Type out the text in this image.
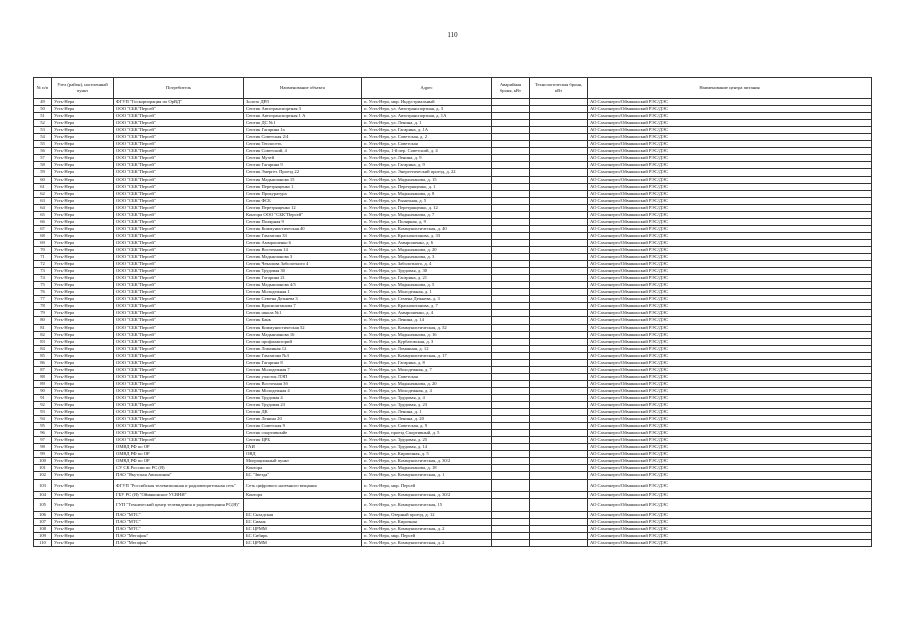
110
№ п/п	Узел (район), населенный пункт	Потребитель	Наименование объекта	Адрес	Аварийная броня, кВт	Технологическая броня, кВт	Наименование центра питания
49	Усть-Нера	ФГУП "Госкорпорация по ОрВД"	Золото ДРЛ	п. Усть-Нера, мкр. Индустриальный			АО Сахаэнерго/Оймяконский РЭС/ДЭС
50	Усть-Нера	ООО "СБК"Персей"	Септик Автотранспортная 3	п. Усть-Нера, ул. Автотранспортная, д. 3			АО Сахаэнерго/Оймяконский РЭС/ДЭС
51	Усть-Нера	ООО "СБК"Персей"	Септик Автотранспортная 1 А	п. Усть-Нера, ул. Автотранспортная, д. 1А			АО Сахаэнерго/Оймяконский РЭС/ДЭС
52	Усть-Нера	ООО "СБК"Персей"	Септик ДС №1	п. Усть-Нера, ул. Ленина, д. 1			АО Сахаэнерго/Оймяконский РЭС/ДЭС
53	Усть-Нера	ООО "СБК"Персей"	Септик Гагарина 1а	п. Усть-Нера, ул. Гагарина, д. 1А			АО Сахаэнерго/Оймяконский РЭС/ДЭС
54	Усть-Нера	ООО "СБК"Персей"	Септик Советская 2/4	п. Усть-Нера, ул. Советская, д. 2			АО Сахаэнерго/Оймяконский РЭС/ДЭС
55	Усть-Нера	ООО "СБК"Персей"	Септик Теплосеть	п. Усть-Нера, ул. Советская			АО Сахаэнерго/Оймяконский РЭС/ДЭС
56	Усть-Нера	ООО "СБК"Персей"	Септик Советский, 4	п. Усть-Нера, 1-й пер. Советский, д. 4			АО Сахаэнерго/Оймяконский РЭС/ДЭС
57	Усть-Нера	ООО "СБК"Персей"	Септик Музей	п. Усть-Нера, ул. Ленина, д. 9			АО Сахаэнерго/Оймяконский РЭС/ДЭС
58	Усть-Нера	ООО "СБК"Персей"	Септик Гагарина 9	п. Усть-Нера, ул. Гагарина, д. 9			АО Сахаэнерго/Оймяконский РЭС/ДЭС
59	Усть-Нера	ООО "СБК"Персей"	Септик Энергет. Проезд 22	п. Усть-Нера, ул. Энергетический проезд, д. 22			АО Сахаэнерго/Оймяконский РЭС/ДЭС
60	Усть-Нера	ООО "СБК"Персей"	Септик Мадынчанова 15	п. Усть-Нера, ул. Мадынчанова, д. 15			АО Сахаэнерго/Оймяконский РЭС/ДЭС
61	Усть-Нера	ООО "СБК"Персей"	Септик Перетрященко 1	п. Усть-Нера, ул. Перетрященко, д. 1			АО Сахаэнерго/Оймяконский РЭС/ДЭС
62	Усть-Нера	ООО "СБК"Персей"	Септик Прокуратура	п. Усть-Нера, ул. Мадынчанова, д. 8			АО Сахаэнерго/Оймяконский РЭС/ДЭС
63	Усть-Нера	ООО "СБК"Персей"	Септик ФСБ	п. Усть-Нера, ул. Рыночная, д. 5			АО Сахаэнерго/Оймяконский РЭС/ДЭС
64	Усть-Нера	ООО "СБК"Персей"	Септик Перетрященко 12	п. Усть-Нера, ул. Перетрященко, д. 12			АО Сахаэнерго/Оймяконский РЭС/ДЭС
65	Усть-Нера	ООО "СБК"Персей"	Контора ООО "СБК"Персей"	п. Усть-Нера, ул. Мадынчанова, д. 7			АО Сахаэнерго/Оймяконский РЭС/ДЭС
66	Усть-Нера	ООО "СБК"Персей"	Септик Полярная 9	п. Усть-Нера, ул. Полярная, д. 9			АО Сахаэнерго/Оймяконский РЭС/ДЭС
67	Усть-Нера	ООО "СБК"Персей"	Септик Коммунистическая 40	п. Усть-Нера, ул. Коммунистическая, д. 40			АО Сахаэнерго/Оймяконский РЭС/ДЭС
68	Усть-Нера	ООО "СБК"Персей"	Септик Гамзатова 33	п. Усть-Нера, ул. Красноштанова, д. 33			АО Сахаэнерго/Оймяконский РЭС/ДЭС
69	Усть-Нера	ООО "СБК"Персей"	Септик Аммрошенко 6	п. Усть-Нера, ул. Аммрошенко, д. 6			АО Сахаэнерго/Оймяконский РЭС/ДЭС
70	Усть-Нера	ООО "СБК"Персей"	Септик Восточная 14	п. Усть-Нера, ул. Мадынчанова, д. 20			АО Сахаэнерго/Оймяконский РЭС/ДЭС
71	Усть-Нера	ООО "СБК"Персей"	Септик Мадынчанова 3	п. Усть-Нера, ул. Мадынчанова, д. 3			АО Сахаэнерго/Оймяконский РЭС/ДЭС
72	Усть-Нера	ООО "СБК"Персей"	Септик Чекалова Заболотного 4	п. Усть-Нера, ул. Заболотного, д. 4			АО Сахаэнерго/Оймяконский РЭС/ДЭС
73	Усть-Нера	ООО "СБК"Персей"	Септик Трудовая 30	п. Усть-Нера, ул. Трудовая, д. 30			АО Сахаэнерго/Оймяконский РЭС/ДЭС
74	Усть-Нера	ООО "СБК"Персей"	Септик Гагарина 21	п. Усть-Нера, ул. Гагарина, д. 21			АО Сахаэнерго/Оймяконский РЭС/ДЭС
75	Усть-Нера	ООО "СБК"Персей"	Септик Мадынчанова 4/5	п. Усть-Нера, ул. Мадынчанова, д. 5			АО Сахаэнерго/Оймяконский РЭС/ДЭС
76	Усть-Нера	ООО "СБК"Персей"	Септик Молодежная 1	п. Усть-Нера, ул. Молодежная, д. 1			АО Сахаэнерго/Оймяконский РЭС/ДЭС
77	Усть-Нера	ООО "СБК"Персей"	Септик Семена Дежнева 3	п. Усть-Нера, ул. Семена Дежнева, д. 3			АО Сахаэнерго/Оймяконский РЭС/ДЭС
78	Усть-Нера	ООО "СБК"Персей"	Септик Красноштанова 7	п. Усть-Нера, ул. Красноштанова, д. 7			АО Сахаэнерго/Оймяконский РЭС/ДЭС
79	Усть-Нера	ООО "СБК"Персей"	Септик школа №1	п. Усть-Нера, ул. Аммрошенко, д. 4			АО Сахаэнерго/Оймяконский РЭС/ДЭС
80	Усть-Нера	ООО "СБК"Персей"	Септик Банк	п. Усть-Нера, ул. Ленина, д. 14			АО Сахаэнерго/Оймяконский РЭС/ДЭС
81	Усть-Нера	ООО "СБК"Персей"	Септик Коммунистическая 52	п. Усть-Нера, ул. Коммунистическая, д. 52			АО Сахаэнерго/Оймяконский РЭС/ДЭС
82	Усть-Нера	ООО "СБК"Персей"	Септик Мадынчанова 16	п. Усть-Нера, ул. Мадынчанова, д. 16			АО Сахаэнерго/Оймяконский РЭС/ДЭС
83	Усть-Нера	ООО "СБК"Персей"	Септик профилакторий	п. Усть-Нера, ул. Курбатовская, д. 3			АО Сахаэнерго/Оймяконский РЭС/ДЭС
84	Усть-Нера	ООО "СБК"Персей"	Септик Ломанная 12	п. Усть-Нера, ул. Ломанная, д. 12			АО Сахаэнерго/Оймяконский РЭС/ДЭС
85	Усть-Нера	ООО "СБК"Персей"	Септик Гамзатова №3	п. Усть-Нера, ул. Коммунистическая, д. 17			АО Сахаэнерго/Оймяконский РЭС/ДЭС
86	Усть-Нера	ООО "СБК"Персей"	Септик Гагарина 8	п. Усть-Нера, ул. Гагарина, д. 8			АО Сахаэнерго/Оймяконский РЭС/ДЭС
87	Усть-Нера	ООО "СБК"Персей"	Септик Молодежная 7	п. Усть-Нера, ул. Молодежная, д. 7			АО Сахаэнерго/Оймяконский РЭС/ДЭС
88	Усть-Нера	ООО "СБК"Персей"	Септик участок ЛЭП	п. Усть-Нера, ул. Советская			АО Сахаэнерго/Оймяконский РЭС/ДЭС
89	Усть-Нера	ООО "СБК"Персей"	Септик Восточная 3б	п. Усть-Нера, ул. Мадынчанова, д. 20			АО Сахаэнерго/Оймяконский РЭС/ДЭС
90	Усть-Нера	ООО "СБК"Персей"	Септик Молодежная 4	п. Усть-Нера, ул. Молодежная, д. 4			АО Сахаэнерго/Оймяконский РЭС/ДЭС
91	Усть-Нера	ООО "СБК"Персей"	Септик Трудовая 4	п. Усть-Нера, ул. Трудовая, д. 4			АО Сахаэнерго/Оймяконский РЭС/ДЭС
92	Усть-Нера	ООО "СБК"Персей"	Септик Трудовая 23	п. Усть-Нера, ул. Трудовая, д. 23			АО Сахаэнерго/Оймяконский РЭС/ДЭС
93	Усть-Нера	ООО "СБК"Персей"	Септик ДК	п. Усть-Нера, ул. Ленина, д. 1			АО Сахаэнерго/Оймяконский РЭС/ДЭС
94	Усть-Нера	ООО "СБК"Персей"	Септик Ленина 20	п. Усть-Нера, ул. Ленина, д. 20			АО Сахаэнерго/Оймяконский РЭС/ДЭС
95	Усть-Нера	ООО "СБК"Персей"	Септик Советская 9	п. Усть-Нера, ул. Советская, д. 9			АО Сахаэнерго/Оймяконский РЭС/ДЭС
96	Усть-Нера	ООО "СБК"Персей"	Септик спортивныйе	п. Усть-Нера, проезд Спортивный, д. 5			АО Сахаэнерго/Оймяконский РЭС/ДЭС
97	Усть-Нера	ООО "СБК"Персей"	Септик ЦРБ	п. Усть-Нера, ул. Трудовая, д. 25			АО Сахаэнерго/Оймяконский РЭС/ДЭС
98	Усть-Нера	ОМВД РФ по ОР	ГАИ	п. Усть-Нера, ул. Трудовая, д. 14			АО Сахаэнерго/Оймяконский РЭС/ДЭС
99	Усть-Нера	ОМВД РФ по ОР	ОВД	п. Усть-Нера, ул. Кирпичная, д. 5			АО Сахаэнерго/Оймяконский РЭС/ДЭС
100	Усть-Нера	ОМВД РФ по ОР	Миграционный пункт	п. Усть-Нера, ул. Коммунистическая, д. 30/2			АО Сахаэнерго/Оймяконский РЭС/ДЭС
101	Усть-Нера	СУ СК России по РС (Я)	Контора	п. Усть-Нера, ул. Мадынчанова, д. 18			АО Сахаэнерго/Оймяконский РЭС/ДЭС
102	Усть-Нера	ПАО "Якутская Авиалиния"	БС "Звезда"	п. Усть-Нера, ул. Коммунистическая, д. 1			АО Сахаэнерго/Оймяконский РЭС/ДЭС
103	Усть-Нера	ФГУП "Российская телевизионная и радиовещательная сеть"	Сеть цифрового наземного вещания	п. Усть-Нера, мкр. Персей			АО Сахаэнерго/Оймяконский РЭС/ДЭС
104	Усть-Нера	ГБУ РС (Я) "Оймяконское УСВНИ"	Контора	п. Усть-Нера, ул. Коммунистическая, д. 30/2			АО Сахаэнерго/Оймяконский РЭС/ДЭС
105	Усть-Нера	ГУП "Технический центр телевидения и радиовещания РС(Я)"		п. Усть-Нера, ул. Коммунистическая, 15			АО Сахаэнерго/Оймяконский РЭС/ДЭС
106	Усть-Нера	ПАО "МТС"	БС Складская	п. Усть-Нера, Озерный проезд, д. 12			АО Сахаэнерго/Оймяконский РЭС/ДЭС
107	Усть-Нера	ПАО "МТС"	БС Сиваж	п. Усть-Нера, ул. Кирочная			АО Сахаэнерго/Оймяконский РЭС/ДЭС
108	Усть-Нера	ПАО "МТС"	БС ЦРММ	п. Усть-Нера, ул. Коммунистическая, д. 2			АО Сахаэнерго/Оймяконский РЭС/ДЭС
109	Усть-Нера	ПАО "Мегафон"	БС Сибирь	п. Усть-Нера, мкр. Персей			АО Сахаэнерго/Оймяконский РЭС/ДЭС
110	Усть-Нера	ПАО "Мегафон"	БС ЦРММ	п. Усть-Нера, ул. Коммунистическая, д. 2			АО Сахаэнерго/Оймяконский РЭС/ДЭС
